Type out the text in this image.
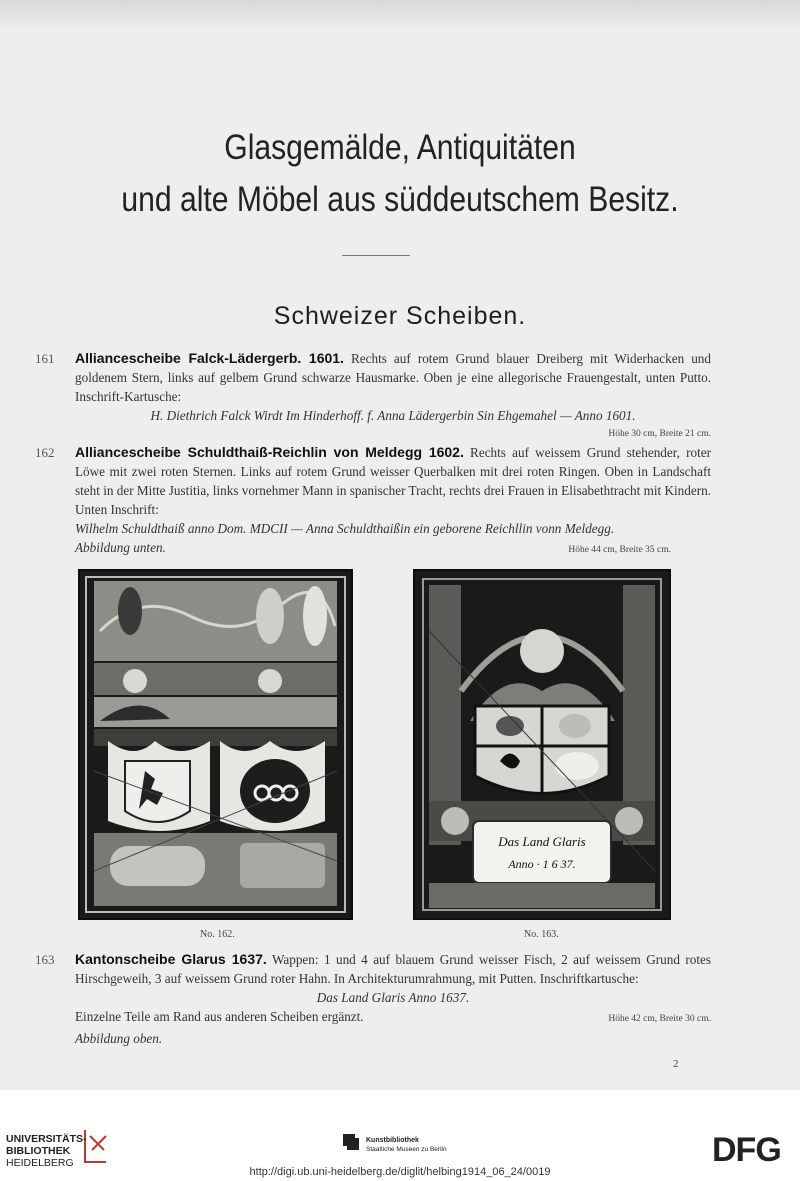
Glasgemälde, Antiquitäten
und alte Möbel aus süddeutschem Besitz.
Schweizer Scheiben.
161 Alliancescheibe Falck-Lädergerb. 1601. Rechts auf rotem Grund blauer Dreiberg mit Widerhacken und goldenem Stern, links auf gelbem Grund schwarze Hausmarke. Oben je eine allegorische Frauengestalt, unten Putto. Inschrift-Kartusche:
H. Diethrich Falck Wirdt Im Hinderhoff. f. Anna Lädergerbin Sin Ehgemahel — Anno 1601.
Höhe 30 cm, Breite 21 cm.
162 Alliancescheibe Schuldthaiß-Reichlin von Meldegg 1602. Rechts auf weissem Grund stehender, roter Löwe mit zwei roten Sternen. Links auf rotem Grund weisser Querbalken mit drei roten Ringen. Oben in Landschaft steht in der Mitte Justitia, links vornehmer Mann in spanischer Tracht, rechts drei Frauen in Elisabethtracht mit Kindern. Unten Inschrift:
Wilhelm Schuldthaiß anno Dom. MDCII — Anna Schuldthaißin ein geborene Reichllin vonn Meldegg.
Abbildung unten.	Höhe 44 cm, Breite 35 cm.
Das Land Glaris
Anno · 1 6 37.
No. 162.	No. 163.
163 Kantonscheibe Glarus 1637. Wappen: 1 und 4 auf blauem Grund weisser Fisch, 2 auf weissem Grund rotes Hirschgeweih, 3 auf weissem Grund roter Hahn. In Architekturumrahmung, mit Putten. Inschriftkartusche:
Das Land Glaris Anno 1637.
Einzelne Teile am Rand aus anderen Scheiben ergänzt.	Höhe 42 cm, Breite 30 cm.
Abbildung oben.
2
UNIVERSITÄTS-
BIBLIOTHEK
HEIDELBERG
Kunstbibliothek
Staatliche Museen zu Berlin	DFG
http://digi.ub.uni-heidelberg.de/diglit/helbing1914_06_24/0019
